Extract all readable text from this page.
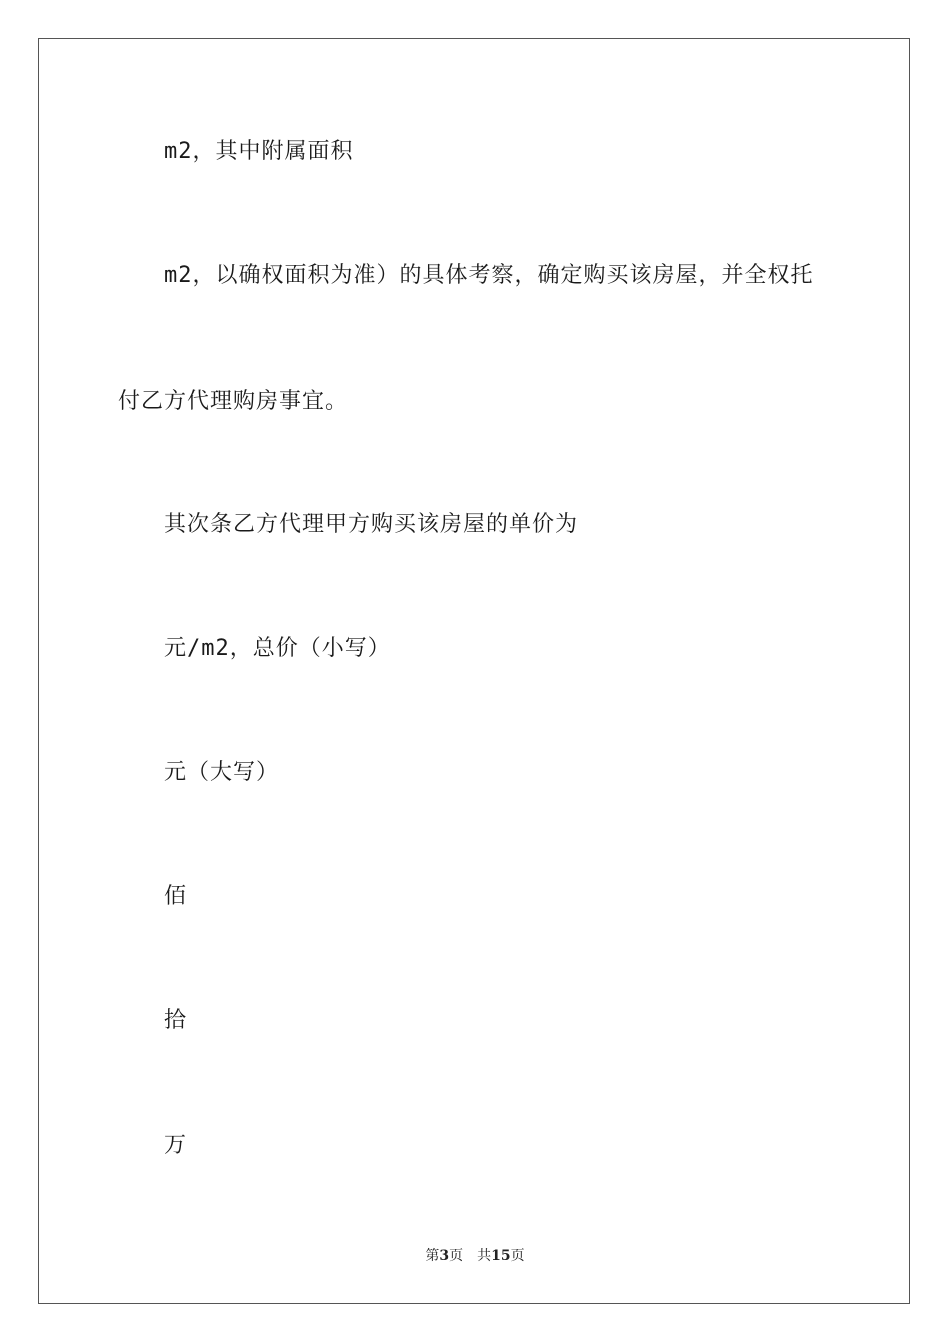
m2，其中附属面积
m2，以确权面积为准）的具体考察，确定购买该房屋，并全权托
付乙方代理购房事宜。
其次条乙方代理甲方购买该房屋的单价为
元/m2，总价（小写）
元（大写）
佰
拾
万
第3页 共15页
